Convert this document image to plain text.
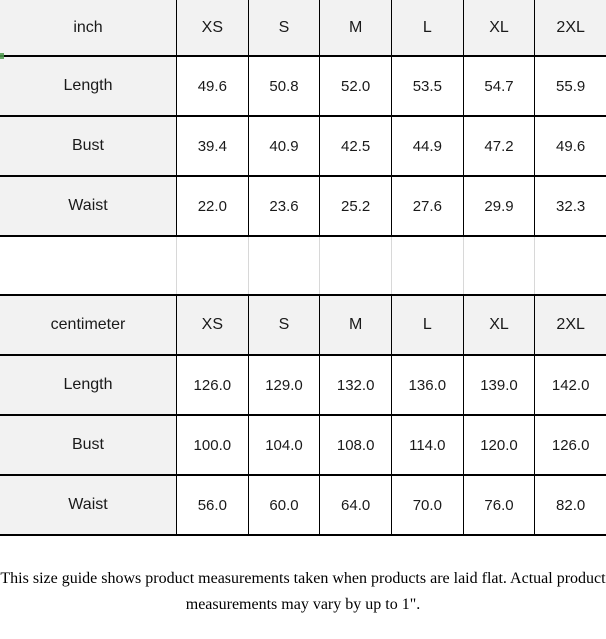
inch	XS	S	M	L	XL	2XL
Length	49.6	50.8	52.0	53.5	54.7	55.9
Bust	39.4	40.9	42.5	44.9	47.2	49.6
Waist	22.0	23.6	25.2	27.6	29.9	32.3
centimeter	XS	S	M	L	XL	2XL
Length	126.0	129.0	132.0	136.0	139.0	142.0
Bust	100.0	104.0	108.0	114.0	120.0	126.0
Waist	56.0	60.0	64.0	70.0	76.0	82.0
This size guide shows product measurements taken when products are laid flat. Actual product
measurements may vary by up to 1".
